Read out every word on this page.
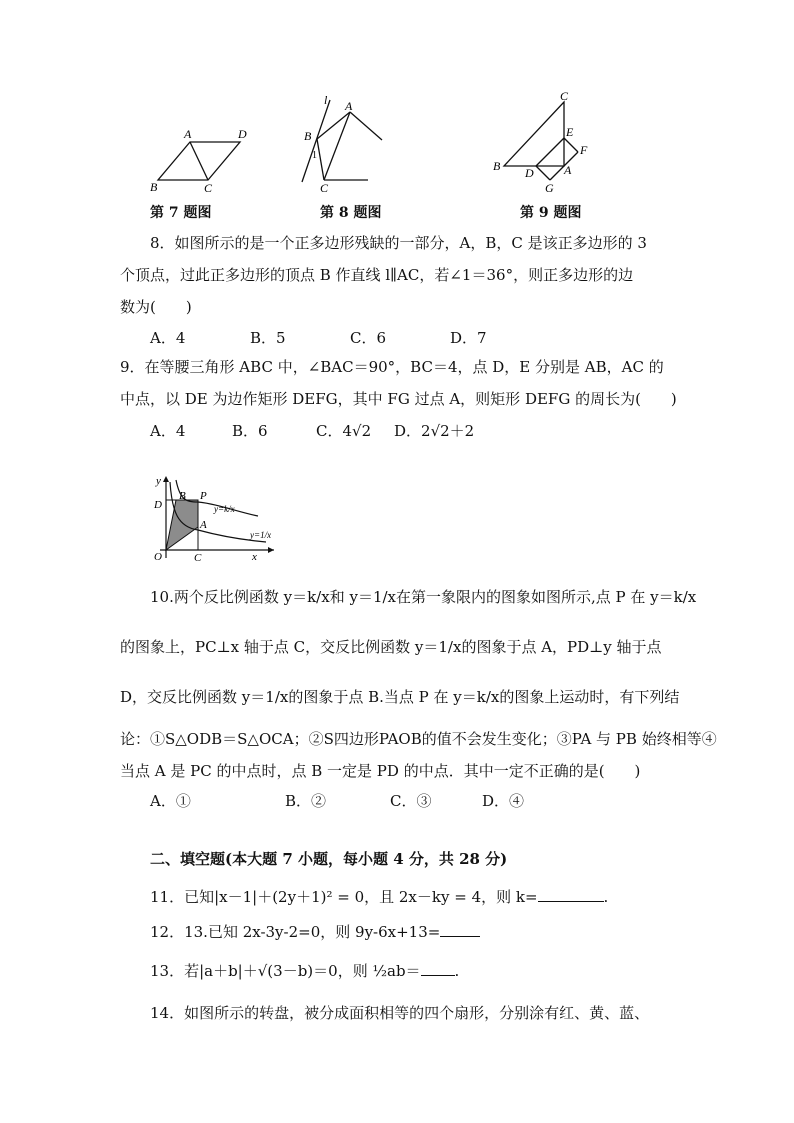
A	D
B	C
第 7 题图
l A
B
1
C
第 8 题图
C
E
F
B D	A
G
第 9 题图
8．如图所示的是一个正多边形残缺的一部分，A，B，C 是该正多边形的 3
个顶点，过此正多边形的顶点 B 作直线 l∥AC，若∠1＝36°，则正多边形的边
数为(　　)
A．4	B．5	C．6	D．7
9．在等腰三角形 ABC 中，∠BAC＝90°，BC＝4，点 D，E 分别是 AB，AC 的
中点，以 DE 为边作矩形 DEFG，其中 FG 过点 A，则矩形 DEFG 的周长为(　　)
A．4	B．6	C．4√2 D．2√2＋2
y
D
B P
A
O	C	x
y=k/x
y=1/x
10.两个反比例函数 y＝k/x和 y＝1/x在第一象限内的图象如图所示,点 P 在 y＝k/x
的图象上，PC⊥x 轴于点 C，交反比例函数 y＝1/x的图象于点 A，PD⊥y 轴于点
D，交反比例函数 y＝1/x的图象于点 B.当点 P 在 y＝k/x的图象上运动时，有下列结
论：①S△ODB＝S△OCA；②S四边形PAOB的值不会发生变化；③PA 与 PB 始终相等④
当点 A 是 PC 的中点时，点 B 一定是 PD 的中点．其中一定不正确的是(　　)
A．①	B．②	C．③	D．④
二、填空题(本大题 7 小题，每小题 4 分，共 28 分)
11．已知|x－1|＋(2y＋1)² = 0，且 2x－ky = 4，则 k=	.
12．13.已知 2x-3y-2=0，则 9y-6x+13=
13．若|a＋b|＋√(3－b)＝0，则 ½ab＝ .
14．如图所示的转盘，被分成面积相等的四个扇形，分别涂有红、黄、蓝、
